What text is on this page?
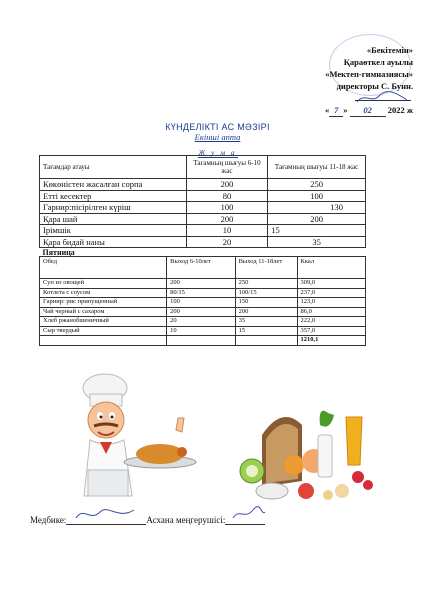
«Бекітемін»
Қараөткел ауылы
«Мектеп-гимназиясы»
директоры С. Бунн.
« 7 » 02 2022 ж
КҮНДЕЛІКТІ АС МӘЗІРІ
Екінші апта
Ж у м а
Тағамдар атауы	Тағамның шығуы 6-10 жас	Тағамның шығуы 11-18 жас
Көкөністен жасалған сорпа	200	250
Етті кесектер	80	100
Гарнир:пісірілген күріш	100	130
Қара шай	200	200
Ірімшік	10	15
Қара бидай наны	20	35
Пятница		
Обед	Выход 6-10лет	Выход 11-18лет	Ккал
Суп из овощей	200	250	309,0
Котлета с соусом	80/15	100/15	237,0
Гарнир: рис припущенный	100	150	123,0
Чай черный с сахаром	200	200	86,0
Хлеб ржанобшеничный	20	35	222,0
Сыр твердый	10	15	357,0
			1210,1
Медбике:	Асхана меңгерушісі:
